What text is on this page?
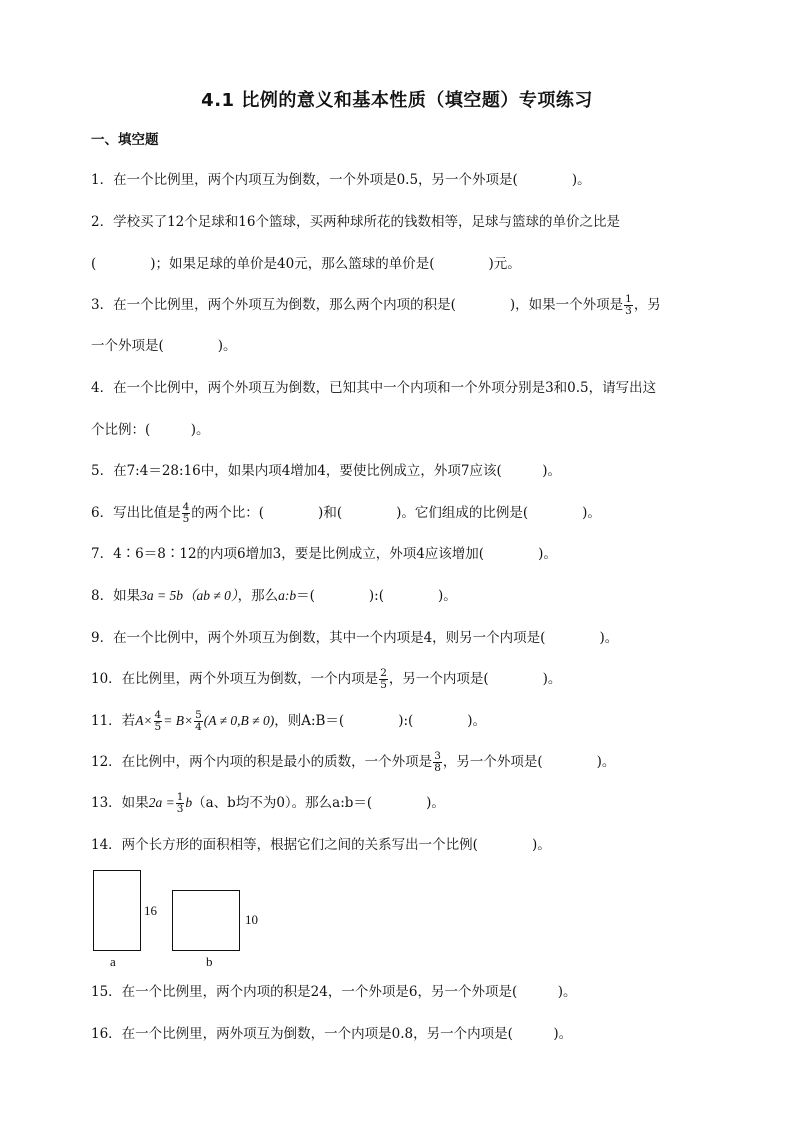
4.1 比例的意义和基本性质（填空题）专项练习
一、填空题
1．在一个比例里，两个内项互为倒数，一个外项是0.5，另一个外项是(　　　　)。
2．学校买了12个足球和16个篮球，买两种球所花的钱数相等，足球与篮球的单价之比是
(　　　　)；如果足球的单价是40元，那么篮球的单价是(　　　　)元。
3．在一个比例里，两个外项互为倒数，那么两个内项的积是(　　　　)，如果一个外项是 $\frac{1}{3}$ ，另
一个外项是(　　　　)。
4．在一个比例中，两个外项互为倒数，已知其中一个内项和一个外项分别是3和0.5，请写出这
个比例：(　　　)。
5．在7:4＝28:16中，如果内项4增加4，要使比例成立，外项7应该(　　　)。
6．写出比值是 $\frac{4}{5}$ 的两个比：(　　　　)和(　　　　)。它们组成的比例是(　　　　)。
7．4∶6＝8∶12的内项6增加3，要是比例成立，外项4应该增加(　　　　)。
8．如果3a = 5b（ab ≠ 0），那么a:b＝(　　　　):(　　　　)。
9．在一个比例中，两个外项互为倒数，其中一个内项是4，则另一个内项是(　　　　)。
10．在比例里，两个外项互为倒数，一个内项是 $\frac{2}{5}$ ，另一个内项是(　　　　)。
11．若$A\times \frac{4}{5} = B\times \frac{5}{4} (A \ne 0,B \ne 0)$，则A:B＝(　　　　):(　　　　)。
12．在比例中，两个内项的积是最小的质数，一个外项是 $\frac{3}{8}$ ，另一个外项是(　　　　)。
13．如果$2a = \frac{1}{3} b(a$、b均不为0）。那么a:b＝(　　　　)。
14．两个长方形的面积相等，根据它们之间的关系写出一个比例(　　　　)。
16
a
10
b
15．在一个比例里，两个内项的积是24，一个外项是6，另一个外项是(　　　)。
16．在一个比例里，两外项互为倒数，一个内项是0.8，另一个内项是(　　　)。
